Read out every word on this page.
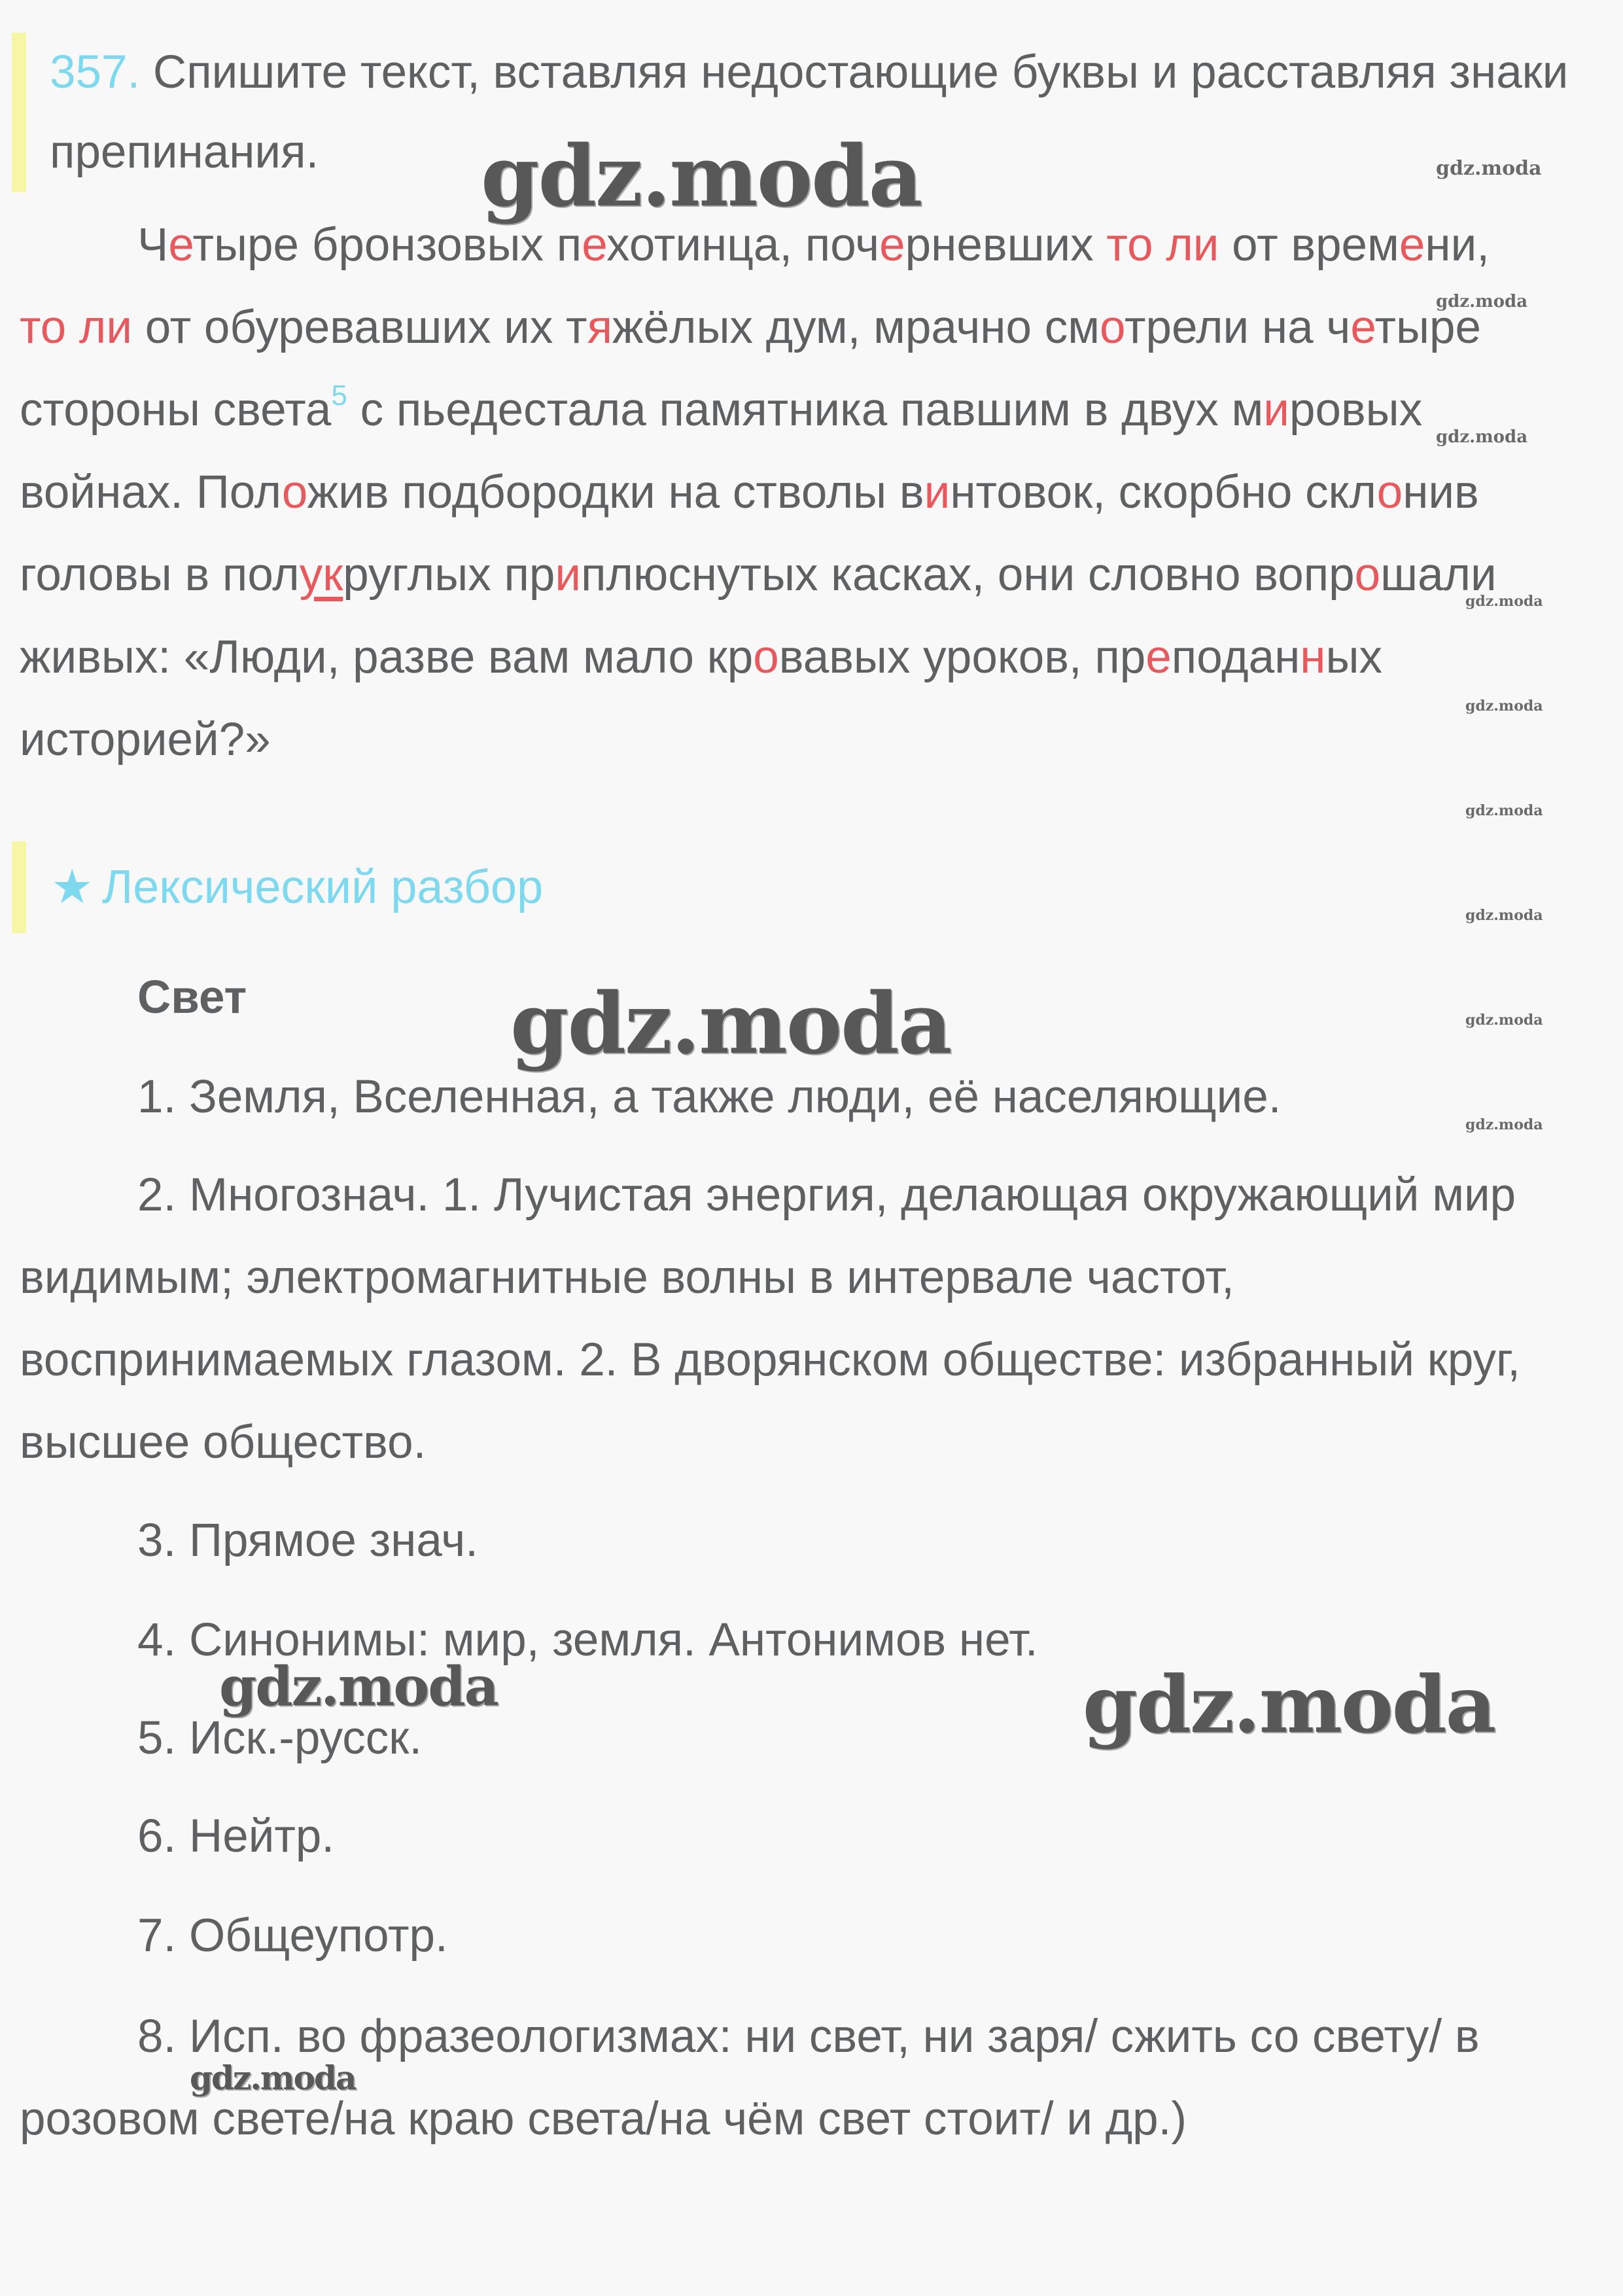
357. Спишите текст, вставляя недостающие буквы и расставляя знаки препинания.
Четыре бронзовых пехотинца, почерневших то ли от времени,
то ли от обуревавших их тяжёлых дум, мрачно смотрели на четыре стороны света$^5$ с пьедестала памятника павшим в двух мировых войнах. Положив подбородки на стволы винтовок, скорбно склонив головы в полукруглых приплюснутых касках, они словно вопрошали живых: «Люди, разве вам мало кровавых уроков, преподанных историей?»
★ Лексический разбор
Свет
1. Земля, Вселенная, а также люди, её населяющие.
2. Многознач. 1. Лучистая энергия, делающая окружающий мир видимым; электромагнитные волны в интервале частот, воспринимаемых глазом. 2. В дворянском обществе: избранный круг, высшее общество.
3. Прямое знач.
4. Синонимы: мир, земля. Антонимов нет.
5. Иск.-русск.
6. Нейтр.
7. Общеупотр.
8. Исп. во фразеологизмах: ни свет, ни заря/ сжить со свету/ в розовом свете/на краю света/на чём свет стоит/ и др.)
gdz.moda
gdz.moda
gdz.moda	gdz.moda
gdz.moda
gdz.moda
gdz.moda
gdz.moda
gdz.moda
gdz.moda
gdz.moda
gdz.moda
gdz.moda
gdz.moda
